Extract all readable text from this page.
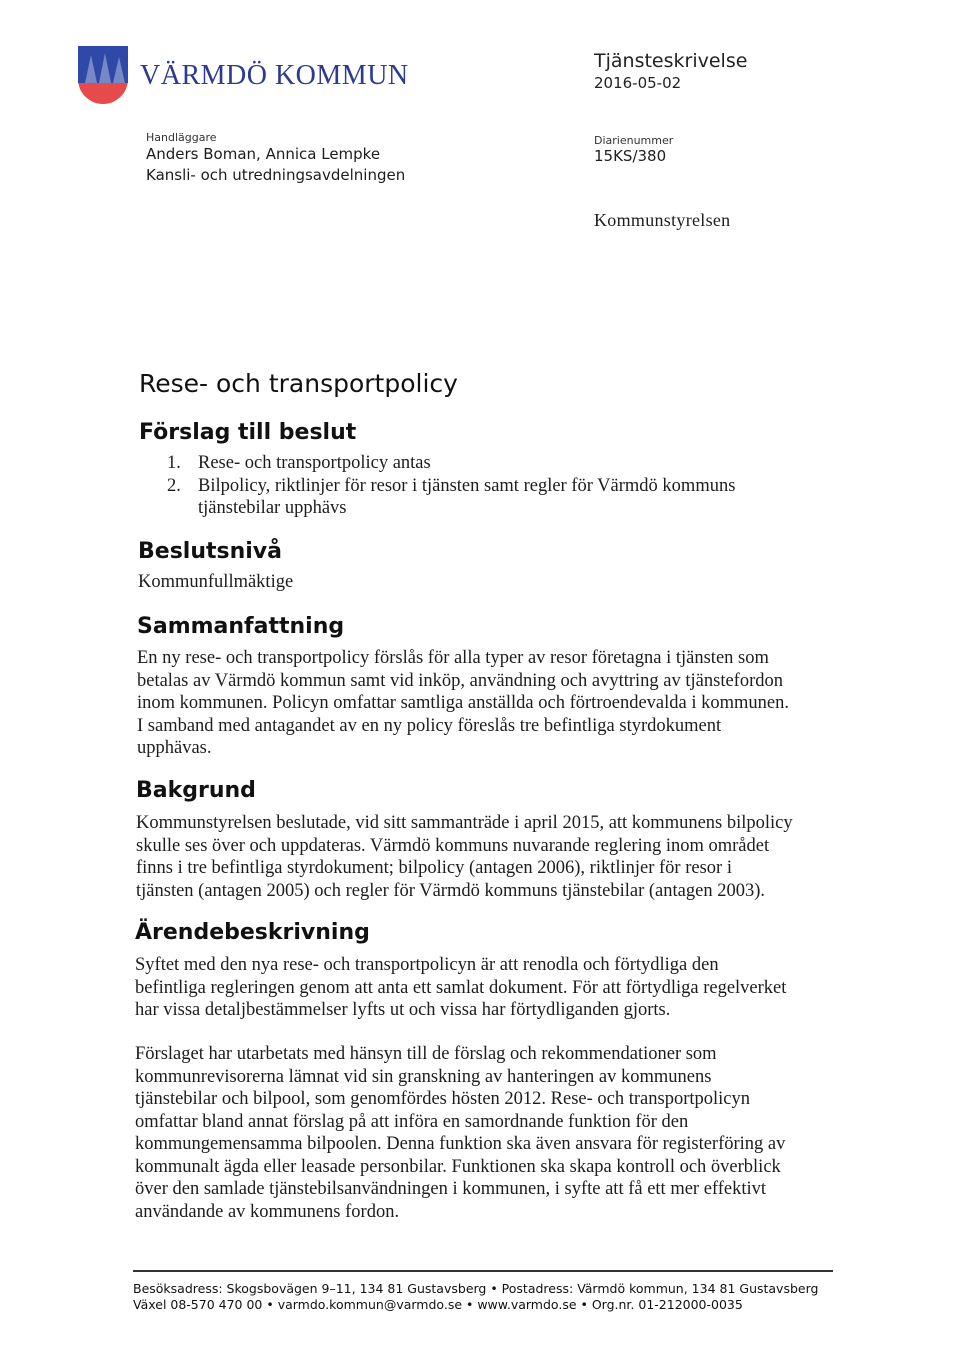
VÄRMDÖ KOMMUN	Tjänsteskrivelse
2016-05-02
Handläggare
Anders Boman, Annica Lempke
Kansli- och utredningsavdelningen
Diarienummer
15KS/380
Kommunstyrelsen
Rese- och transportpolicy
Förslag till beslut
1. Rese- och transportpolicy antas
2. Bilpolicy, riktlinjer för resor i tjänsten samt regler för Värmdö kommuns
tjänstebilar upphävs
Beslutsnivå
Kommunfullmäktige
Sammanfattning
En ny rese- och transportpolicy förslås för alla typer av resor företagna i tjänsten som
betalas av Värmdö kommun samt vid inköp, användning och avyttring av tjänstefordon
inom kommunen. Policyn omfattar samtliga anställda och förtroendevalda i kommunen.
I samband med antagandet av en ny policy föreslås tre befintliga styrdokument
upphävas.
Bakgrund
Kommunstyrelsen beslutade, vid sitt sammanträde i april 2015, att kommunens bilpolicy
skulle ses över och uppdateras. Värmdö kommuns nuvarande reglering inom området
finns i tre befintliga styrdokument; bilpolicy (antagen 2006), riktlinjer för resor i
tjänsten (antagen 2005) och regler för Värmdö kommuns tjänstebilar (antagen 2003).
Ärendebeskrivning
Syftet med den nya rese- och transportpolicyn är att renodla och förtydliga den
befintliga regleringen genom att anta ett samlat dokument. För att förtydliga regelverket
har vissa detaljbestämmelser lyfts ut och vissa har förtydliganden gjorts.
Förslaget har utarbetats med hänsyn till de förslag och rekommendationer som
kommunrevisorerna lämnat vid sin granskning av hanteringen av kommunens
tjänstebilar och bilpool, som genomfördes hösten 2012. Rese- och transportpolicyn
omfattar bland annat förslag på att införa en samordnande funktion för den
kommungemensamma bilpoolen. Denna funktion ska även ansvara för registerföring av
kommunalt ägda eller leasade personbilar. Funktionen ska skapa kontroll och överblick
över den samlade tjänstebilsanvändningen i kommunen, i syfte att få ett mer effektivt
användande av kommunens fordon.
Besöksadress: Skogsbovägen 9–11, 134 81 Gustavsberg • Postadress: Värmdö kommun, 134 81 Gustavsberg
Växel 08-570 470 00 • varmdo.kommun@varmdo.se • www.varmdo.se • Org.nr. 01-212000-0035
